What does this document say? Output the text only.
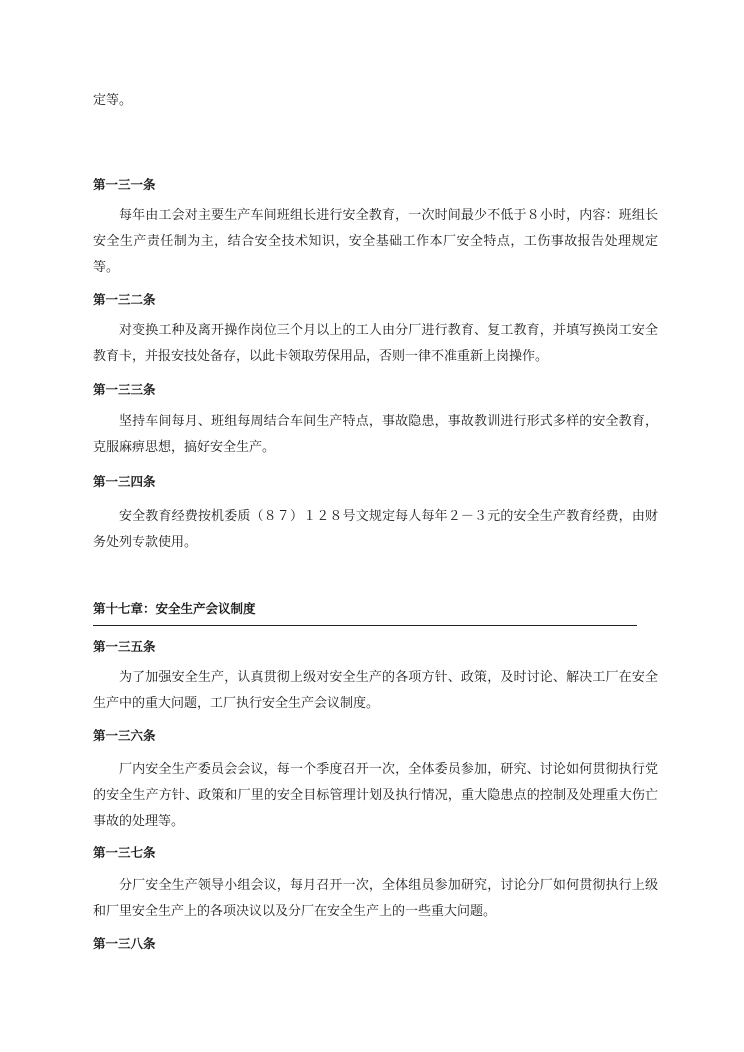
定等。

第一三一条

每年由工会对主要生产车间班组长进行安全教育，一次时间最少不低于８小时，内容：班组长安全生产责任制为主，结合安全技术知识，安全基础工作本厂安全特点，工伤事故报告处理规定等。

第一三二条

对变换工种及离开操作岗位三个月以上的工人由分厂进行教育、复工教育，并填写换岗工安全教育卡，并报安技处备存，以此卡领取劳保用品，否则一律不准重新上岗操作。

第一三三条

坚持车间每月、班组每周结合车间生产特点，事故隐患，事故教训进行形式多样的安全教育，克服麻痹思想，搞好安全生产。

第一三四条

安全教育经费按机委质（８７）１２８号文规定每人每年２－３元的安全生产教育经费，由财务处列专款使用。

第十七章：安全生产会议制度
第一三五条

为了加强安全生产，认真贯彻上级对安全生产的各项方针、政策，及时讨论、解决工厂在安全生产中的重大问题，工厂执行安全生产会议制度。

第一三六条

厂内安全生产委员会会议，每一个季度召开一次，全体委员参加，研究、讨论如何贯彻执行党的安全生产方针、政策和厂里的安全目标管理计划及执行情况，重大隐患点的控制及处理重大伤亡事故的处理等。

第一三七条

分厂安全生产领导小组会议，每月召开一次，全体组员参加研究，讨论分厂如何贯彻执行上级和厂里安全生产上的各项决议以及分厂在安全生产上的一些重大问题。

第一三八条
